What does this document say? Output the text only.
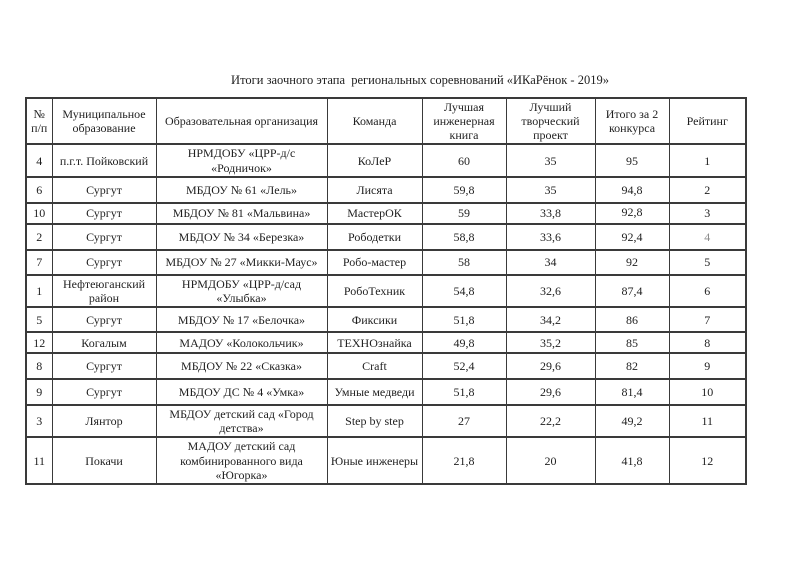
Итоги заочного этапа  региональных соревнований «ИКаРёнок - 2019»
№ п/п	Муниципальное образование	Образовательная организация	Команда	Лучшая инженерная книга	Лучший творческий проект	Итого за 2 конкурса	Рейтинг
4	п.г.т. Пойковский	НРМДОБУ «ЦРР-д/с «Родничок»	КоЛеР	60	35	95	1
6	Сургут	МБДОУ № 61 «Лель»	Лисята	59,8	35	94,8	2
10	Сургут	МБДОУ № 81 «Мальвина»	МастерОК	59	33,8	92,8	3
2	Сургут	МБДОУ № 34 «Березка»	Рободетки	58,8	33,6	92,4	4
7	Сургут	МБДОУ № 27 «Микки-Маус»	Робо-мастер	58	34	92	5
1	Нефтеюганский район	НРМДОБУ «ЦРР-д/сад «Улыбка»	РобоТехник	54,8	32,6	87,4	6
5	Сургут	МБДОУ № 17 «Белочка»	Фиксики	51,8	34,2	86	7
12	Когалым	МАДОУ «Колокольчик»	ТЕХНОзнайка	49,8	35,2	85	8
8	Сургут	МБДОУ № 22 «Сказка»	Craft	52,4	29,6	82	9
9	Сургут	МБДОУ ДС № 4 «Умка»	Умные медведи	51,8	29,6	81,4	10
3	Лянтор	МБДОУ детский сад «Город детства»	Step by step	27	22,2	49,2	11
11	Покачи	МАДОУ детский сад комбинированного вида «Югорка»	Юные инженеры	21,8	20	41,8	12
